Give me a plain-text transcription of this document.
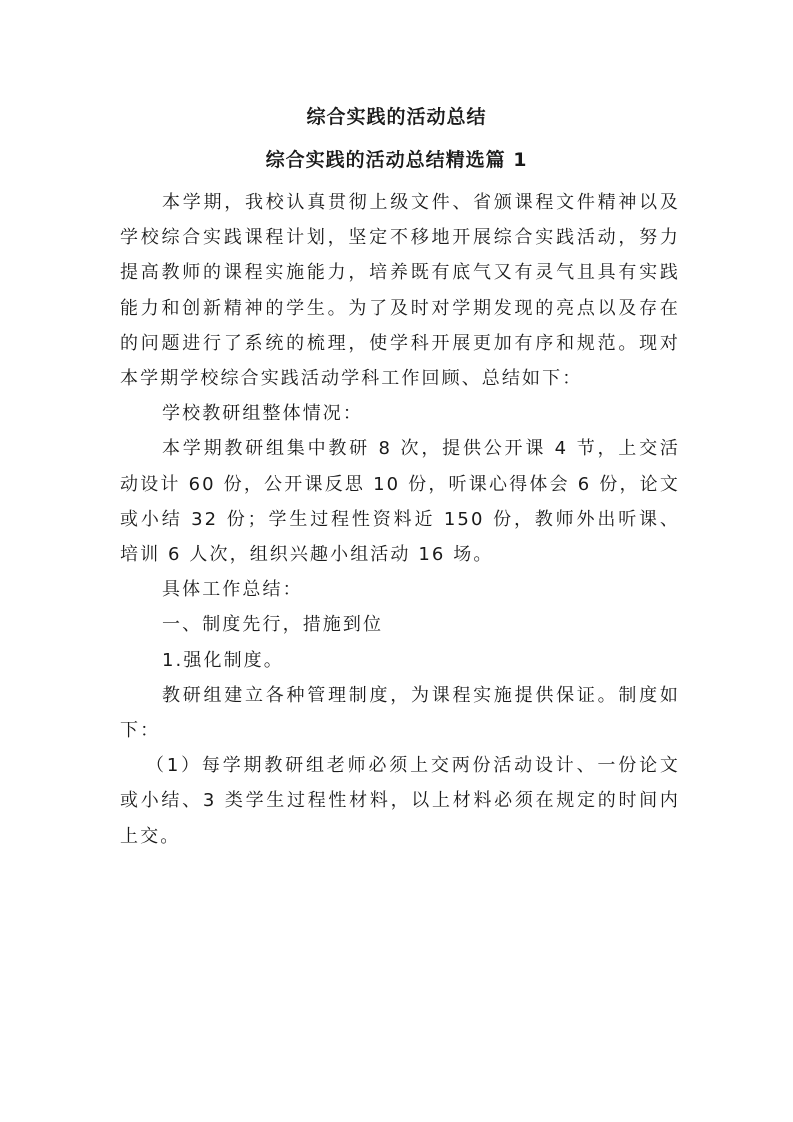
综合实践的活动总结
综合实践的活动总结精选篇 1

本学期，我校认真贯彻上级文件、省颁课程文件精神以及学校综合实践课程计划，坚定不移地开展综合实践活动，努力提高教师的课程实施能力，培养既有底气又有灵气且具有实践能力和创新精神的学生。为了及时对学期发现的亮点以及存在的问题进行了系统的梳理，使学科开展更加有序和规范。现对本学期学校综合实践活动学科工作回顾、总结如下：

学校教研组整体情况：

本学期教研组集中教研 8 次，提供公开课 4 节，上交活动设计 60 份，公开课反思 10 份，听课心得体会 6 份，论文或小结 32 份；学生过程性资料近 150 份，教师外出听课、培训 6 人次，组织兴趣小组活动 16 场。

具体工作总结：

一、制度先行，措施到位

1.强化制度。

教研组建立各种管理制度，为课程实施提供保证。制度如下：

（1）每学期教研组老师必须上交两份活动设计、一份论文或小结、3 类学生过程性材料，以上材料必须在规定的时间内上交。
